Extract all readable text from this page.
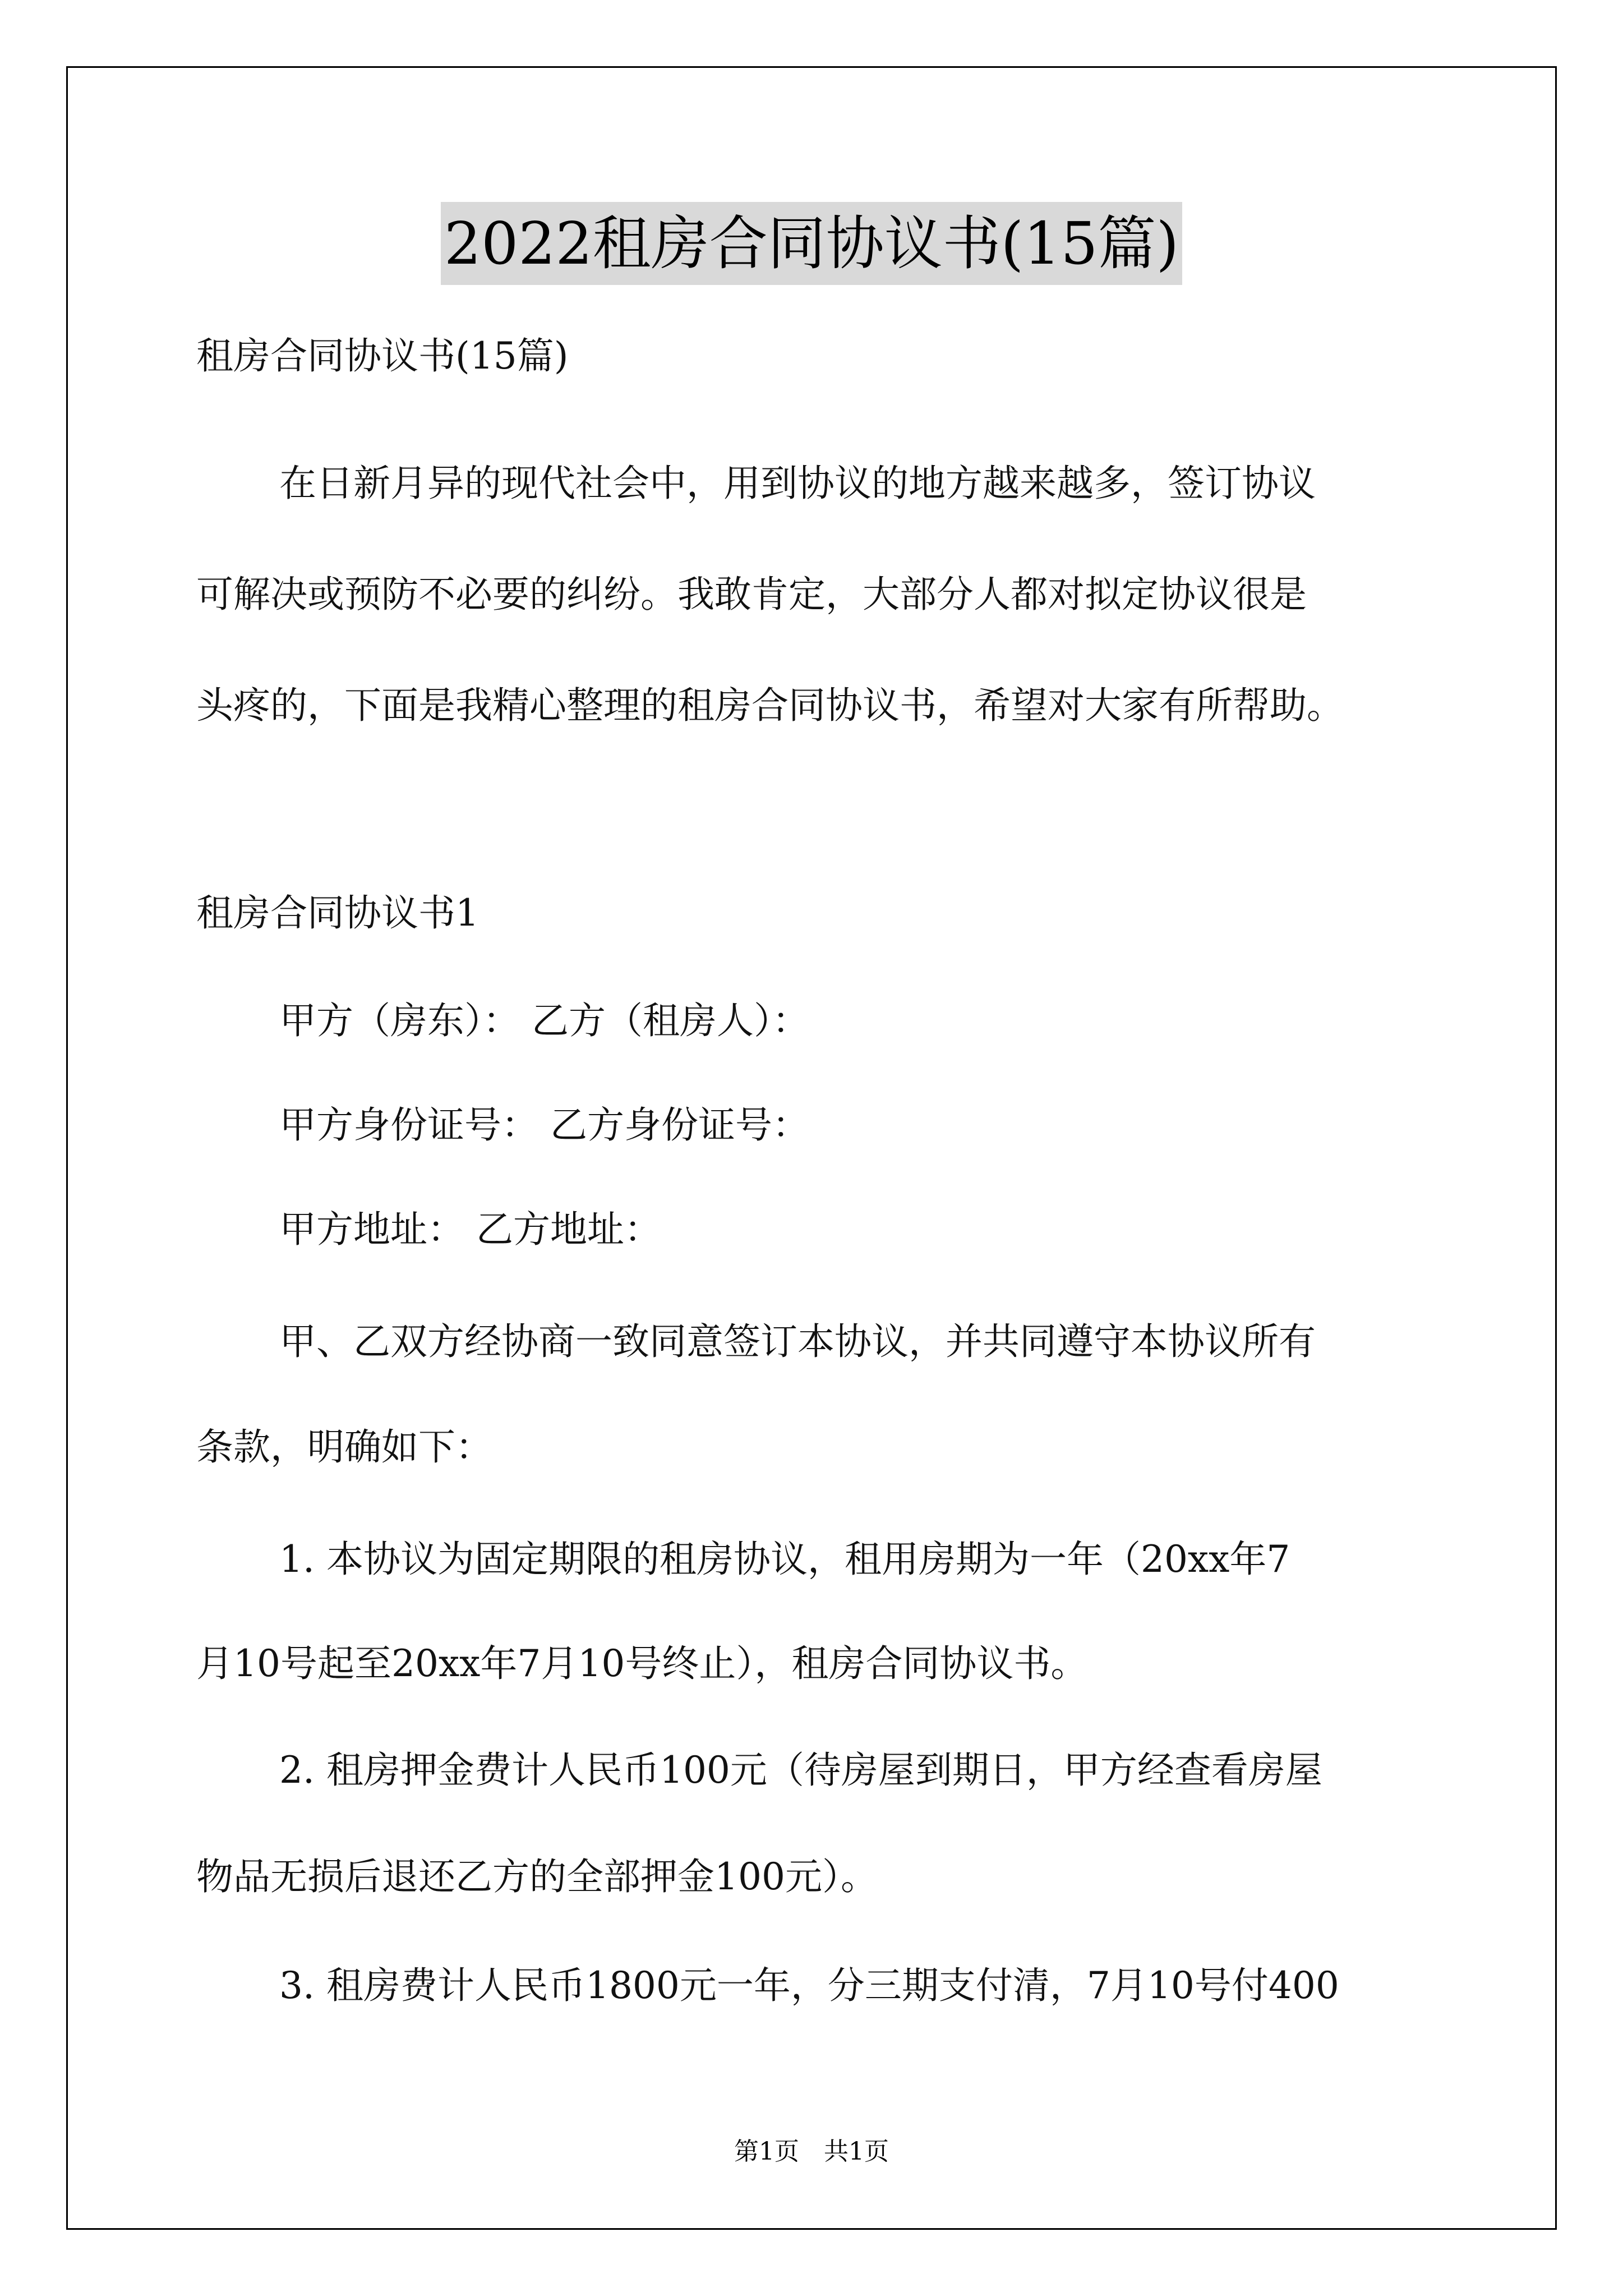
2022租房合同协议书(15篇)
租房合同协议书(15篇)
在日新月异的现代社会中，用到协议的地方越来越多，签订协议
可解决或预防不必要的纠纷。我敢肯定，大部分人都对拟定协议很是
头疼的，下面是我精心整理的租房合同协议书，希望对大家有所帮助。
租房合同协议书1
甲方（房东）： 乙方（租房人）：
甲方身份证号： 乙方身份证号：
甲方地址： 乙方地址：
甲、乙双方经协商一致同意签订本协议，并共同遵守本协议所有
条款，明确如下：
1. 本协议为固定期限的租房协议，租用房期为一年（20xx年7
月10号起至20xx年7月10号终止），租房合同协议书。
2. 租房押金费计人民币100元（待房屋到期日，甲方经查看房屋
物品无损后退还乙方的全部押金100元）。
3. 租房费计人民币1800元一年，分三期支付清，7月10号付400
第1页　共1页
